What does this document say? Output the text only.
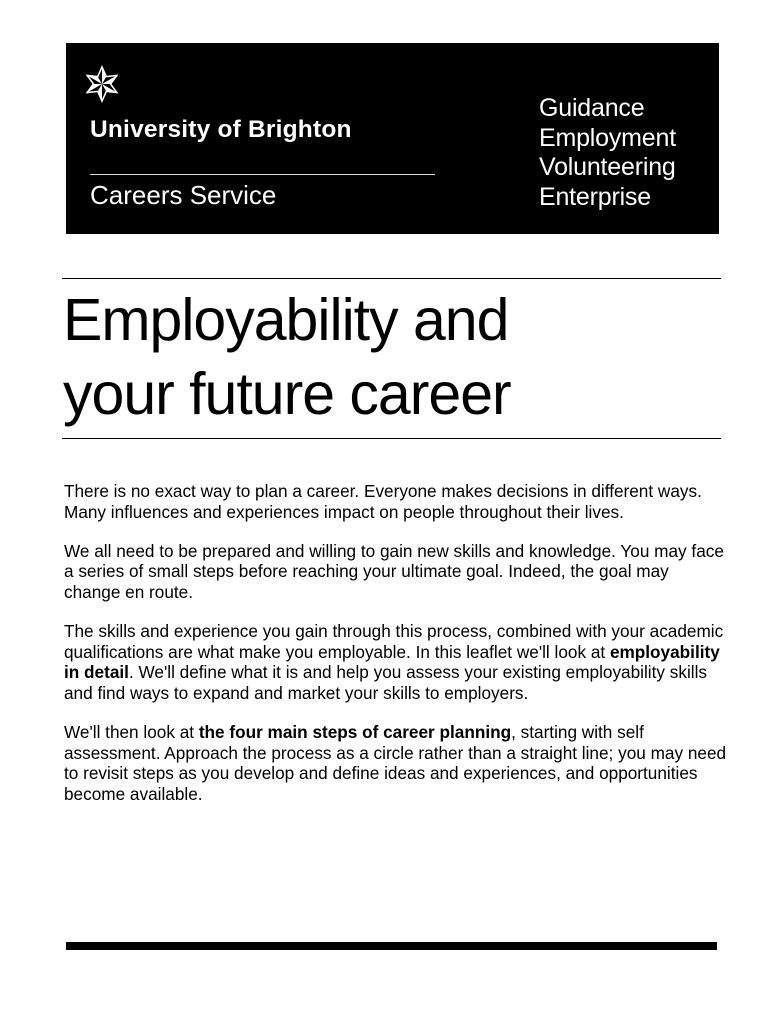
University of Brighton
Careers Service
Guidance
Employment
Volunteering
Enterprise
Employability and
your future career

There is no exact way to plan a career. Everyone makes decisions in different ways. Many influences and experiences impact on people throughout their lives.

We all need to be prepared and willing to gain new skills and knowledge. You may face a series of small steps before reaching your ultimate goal. Indeed, the goal may change en route.

The skills and experience you gain through this process, combined with your academic qualifications are what make you employable. In this leaflet we'll look at employability in detail. We'll define what it is and help you assess your existing employability skills and find ways to expand and market your skills to employers.

We'll then look at the four main steps of career planning, starting with self assessment. Approach the process as a circle rather than a straight line; you may need to revisit steps as you develop and define ideas and experiences, and opportunities become available.
